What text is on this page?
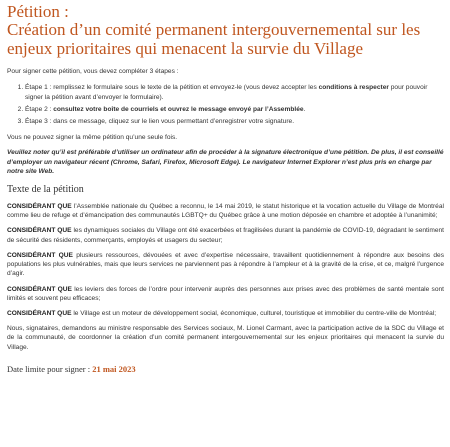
Pétition :
Création d’un comité permanent intergouvernemental sur les
enjeux prioritaires qui menacent la survie du Village

Pour signer cette pétition, vous devez compléter 3 étapes :

1. Étape 1 : remplissez le formulaire sous le texte de la pétition et envoyez-le (vous devez accepter les conditions à respecter pour pouvoir signer la pétition avant d’envoyer le formulaire).
2. Étape 2 : consultez votre boîte de courriels et ouvrez le message envoyé par l’Assemblée.
3. Étape 3 : dans ce message, cliquez sur le lien vous permettant d’enregistrer votre signature.

Vous ne pouvez signer la même pétition qu’une seule fois.

Veuillez noter qu’il est préférable d’utiliser un ordinateur afin de procéder à la signature électronique d’une pétition. De plus, il est conseillé d’employer un navigateur récent (Chrome, Safari, Firefox, Microsoft Edge). Le navigateur Internet Explorer n’est plus pris en charge par notre site Web.

Texte de la pétition

CONSIDÉRANT QUE l’Assemblée nationale du Québec a reconnu, le 14 mai 2019, le statut historique et la vocation actuelle du Village de Montréal comme lieu de refuge et d’émancipation des communautés LGBTQ+ du Québec grâce à une motion déposée en chambre et adoptée à l’unanimité;

CONSIDÉRANT QUE les dynamiques sociales du Village ont été exacerbées et fragilisées durant la pandémie de COVID-19, dégradant le sentiment de sécurité des résidents, commerçants, employés et usagers du secteur;

CONSIDÉRANT QUE plusieurs ressources, dévouées et avec d’expertise nécessaire, travaillent quotidiennement à répondre aux besoins des populations les plus vulnérables, mais que leurs services ne parviennent pas à répondre à l’ampleur et à la gravité de la crise, et ce, malgré l’urgence d’agir.

CONSIDÉRANT QUE les leviers des forces de l’ordre pour intervenir auprès des personnes aux prises avec des problèmes de santé mentale sont limités et souvent peu efficaces;

CONSIDÉRANT QUE le Village est un moteur de développement social, économique, culturel, touristique et immobilier du centre-ville de Montréal;

Nous, signataires, demandons au ministre responsable des Services sociaux, M. Lionel Carmant, avec la participation active de la SDC du Village et de la communauté, de coordonner la création d’un comité permanent intergouvernemental sur les enjeux prioritaires qui menacent la survie du Village.

Date limite pour signer : 21 mai 2023
